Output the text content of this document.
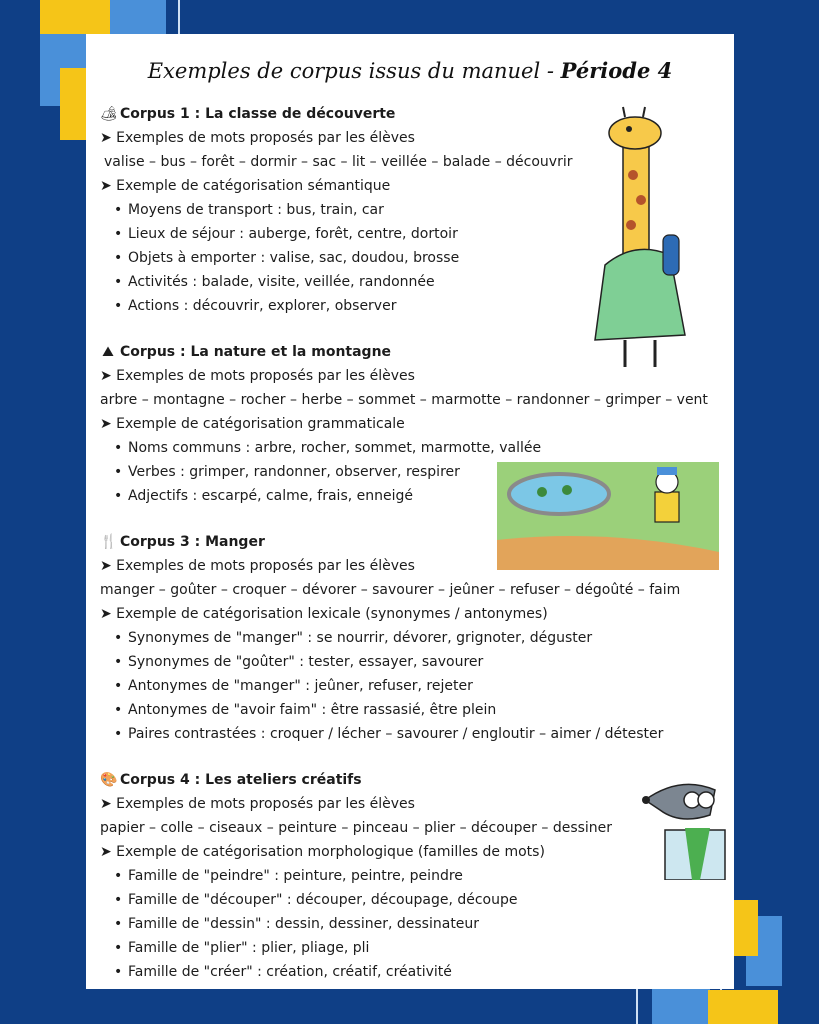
Exemples de corpus issus du manuel - Période 4
🏕 Corpus 1 : La classe de découverte
➤ Exemples de mots proposés par les élèves
valise – bus – forêt – dormir – sac – lit – veillée – balade – découvrir
➤ Exemple de catégorisation sémantique
• Moyens de transport : bus, train, car
• Lieux de séjour : auberge, forêt, centre, dortoir
• Objets à emporter : valise, sac, doudou, brosse
• Activités : balade, visite, veillée, randonnée
• Actions : découvrir, explorer, observer
⛰ Corpus : La nature et la montagne
➤ Exemples de mots proposés par les élèves
arbre – montagne – rocher – herbe – sommet – marmotte – randonner – grimper – vent
➤ Exemple de catégorisation grammaticale
• Noms communs : arbre, rocher, sommet, marmotte, vallée
• Verbes : grimper, randonner, observer, respirer
• Adjectifs : escarpé, calme, frais, enneigé
🍴 Corpus 3 : Manger
➤ Exemples de mots proposés par les élèves
manger – goûter – croquer – dévorer – savourer – jeûner – refuser – dégoûté – faim
➤ Exemple de catégorisation lexicale (synonymes / antonymes)
• Synonymes de "manger" : se nourrir, dévorer, grignoter, déguster
• Synonymes de "goûter" : tester, essayer, savourer
• Antonymes de "manger" : jeûner, refuser, rejeter
• Antonymes de "avoir faim" : être rassasié, être plein
• Paires contrastées : croquer / lécher – savourer / engloutir – aimer / détester
🎨 Corpus 4 : Les ateliers créatifs
➤ Exemples de mots proposés par les élèves
papier – colle – ciseaux – peinture – pinceau – plier – découper – dessiner
➤ Exemple de catégorisation morphologique (familles de mots)
• Famille de "peindre" : peinture, peintre, peindre
• Famille de "découper" : découper, découpage, découpe
• Famille de "dessin" : dessin, dessiner, dessinateur
• Famille de "plier" : plier, pliage, pli
• Famille de "créer" : création, créatif, créativité
